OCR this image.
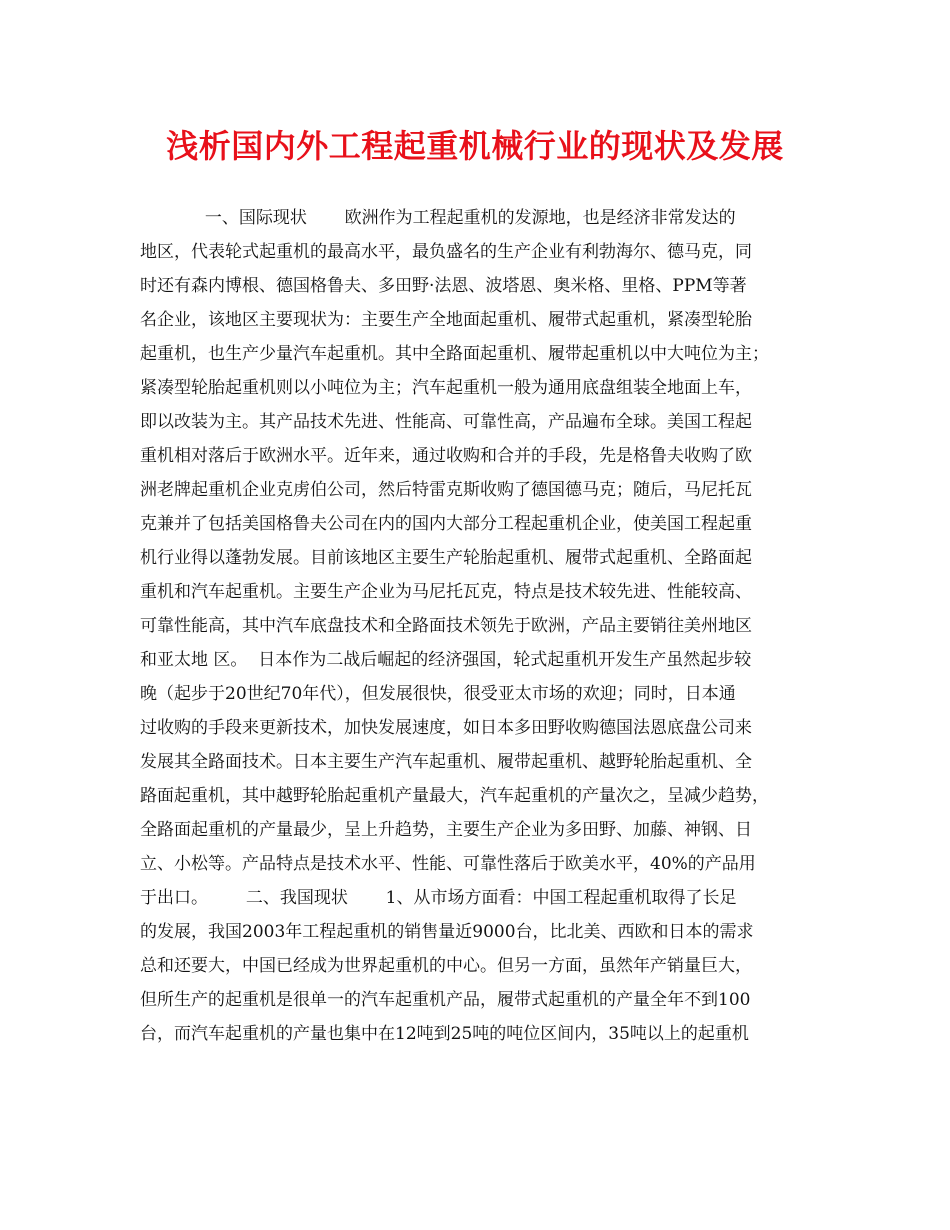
浅析国内外工程起重机械行业的现状及发展
一、国际现状       欧洲作为工程起重机的发源地，也是经济非常发达的
地区，代表轮式起重机的最高水平，最负盛名的生产企业有利勃海尔、德马克，同
时还有森内博根、德国格鲁夫、多田野·法恩、波塔恩、奥米格、里格、PPM等著
名企业，该地区主要现状为：主要生产全地面起重机、履带式起重机，紧凑型轮胎
起重机，也生产少量汽车起重机。其中全路面起重机、履带起重机以中大吨位为主；
紧凑型轮胎起重机则以小吨位为主；汽车起重机一般为通用底盘组装全地面上车，
即以改装为主。其产品技术先进、性能高、可靠性高，产品遍布全球。美国工程起
重机相对落后于欧洲水平。近年来，通过收购和合并的手段，先是格鲁夫收购了欧
洲老牌起重机企业克虏伯公司，然后特雷克斯收购了德国德马克；随后，马尼托瓦
克兼并了包括美国格鲁夫公司在内的国内大部分工程起重机企业，使美国工程起重
机行业得以蓬勃发展。目前该地区主要生产轮胎起重机、履带式起重机、全路面起
重机和汽车起重机。主要生产企业为马尼托瓦克，特点是技术较先进、性能较高、
可靠性能高，其中汽车底盘技术和全路面技术领先于欧洲，产品主要销往美州地区
和亚太地 区。  日本作为二战后崛起的经济强国，轮式起重机开发生产虽然起步较
晚（起步于20世纪70年代），但发展很快，很受亚太市场的欢迎；同时，日本通
过收购的手段来更新技术，加快发展速度，如日本多田野收购德国法恩底盘公司来
发展其全路面技术。日本主要生产汽车起重机、履带起重机、越野轮胎起重机、全
路面起重机，其中越野轮胎起重机产量最大，汽车起重机的产量次之，呈减少趋势，
全路面起重机的产量最少，呈上升趋势，主要生产企业为多田野、加藤、神钢、日
立、小松等。产品特点是技术水平、性能、可靠性落后于欧美水平，40%的产品用
于出口。       二、我国现状       1、从市场方面看：中国工程起重机取得了长足
的发展，我国2003年工程起重机的销售量近9000台，比北美、西欧和日本的需求
总和还要大，中国已经成为世界起重机的中心。但另一方面，虽然年产销量巨大，
但所生产的起重机是很单一的汽车起重机产品，履带式起重机的产量全年不到100
台，而汽车起重机的产量也集中在12吨到25吨的吨位区间内，35吨以上的起重机
